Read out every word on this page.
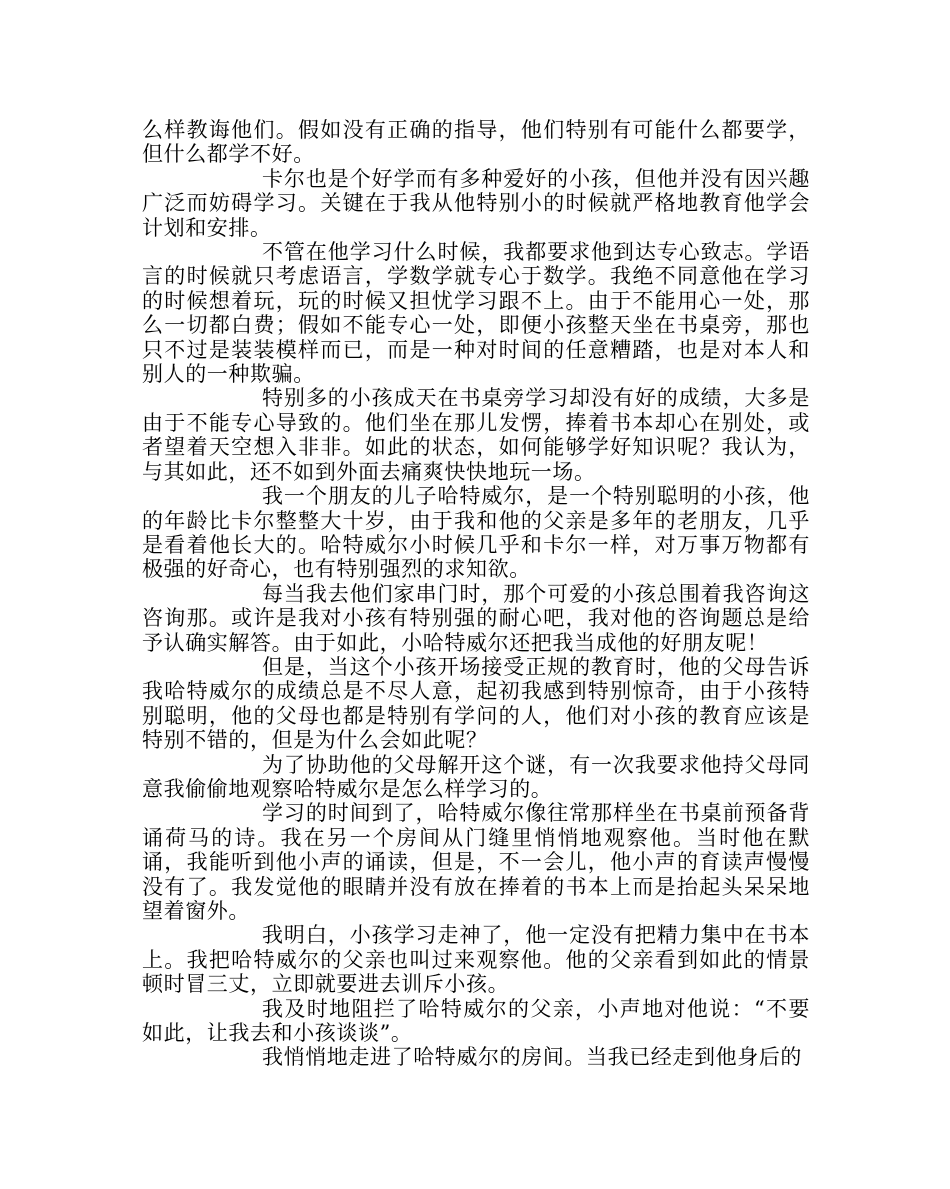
么样教诲他们。假如没有正确的指导，他们特别有可能什么都要学，但什么都学不好。

卡尔也是个好学而有多种爱好的小孩，但他并没有因兴趣广泛而妨碍学习。关键在于我从他特别小的时候就严格地教育他学会计划和安排。

不管在他学习什么时候，我都要求他到达专心致志。学语言的时候就只考虑语言，学数学就专心于数学。我绝不同意他在学习的时候想着玩，玩的时候又担忧学习跟不上。由于不能用心一处，那么一切都白费；假如不能专心一处，即便小孩整天坐在书桌旁，那也只不过是装装模样而已，而是一种对时间的任意糟踏，也是对本人和别人的一种欺骗。

特别多的小孩成天在书桌旁学习却没有好的成绩，大多是由于不能专心导致的。他们坐在那儿发愣，捧着书本却心在别处，或者望着天空想入非非。如此的状态，如何能够学好知识呢？我认为，与其如此，还不如到外面去痛爽快快地玩一场。

我一个朋友的儿子哈特威尔，是一个特别聪明的小孩，他的年龄比卡尔整整大十岁，由于我和他的父亲是多年的老朋友，几乎是看着他长大的。哈特威尔小时候几乎和卡尔一样，对万事万物都有极强的好奇心，也有特别强烈的求知欲。

每当我去他们家串门时，那个可爱的小孩总围着我咨询这咨询那。或许是我对小孩有特别强的耐心吧，我对他的咨询题总是给予认确实解答。由于如此，小哈特威尔还把我当成他的好朋友呢！

但是，当这个小孩开场接受正规的教育时，他的父母告诉我哈特威尔的成绩总是不尽人意，起初我感到特别惊奇，由于小孩特别聪明，他的父母也都是特别有学问的人，他们对小孩的教育应该是特别不错的，但是为什么会如此呢？

为了协助他的父母解开这个谜，有一次我要求他持父母同意我偷偷地观察哈特威尔是怎么样学习的。

学习的时间到了，哈特威尔像往常那样坐在书桌前预备背诵荷马的诗。我在另一个房间从门缝里悄悄地观察他。当时他在默诵，我能听到他小声的诵读，但是，不一会儿，他小声的育读声慢慢没有了。我发觉他的眼睛并没有放在捧着的书本上而是抬起头呆呆地望着窗外。

我明白，小孩学习走神了，他一定没有把精力集中在书本上。我把哈特威尔的父亲也叫过来观察他。他的父亲看到如此的情景顿时冒三丈，立即就要进去训斥小孩。

我及时地阻拦了哈特威尔的父亲，小声地对他说：“不要如此，让我去和小孩谈谈”。

我悄悄地走进了哈特威尔的房间。当我已经走到他身后的
